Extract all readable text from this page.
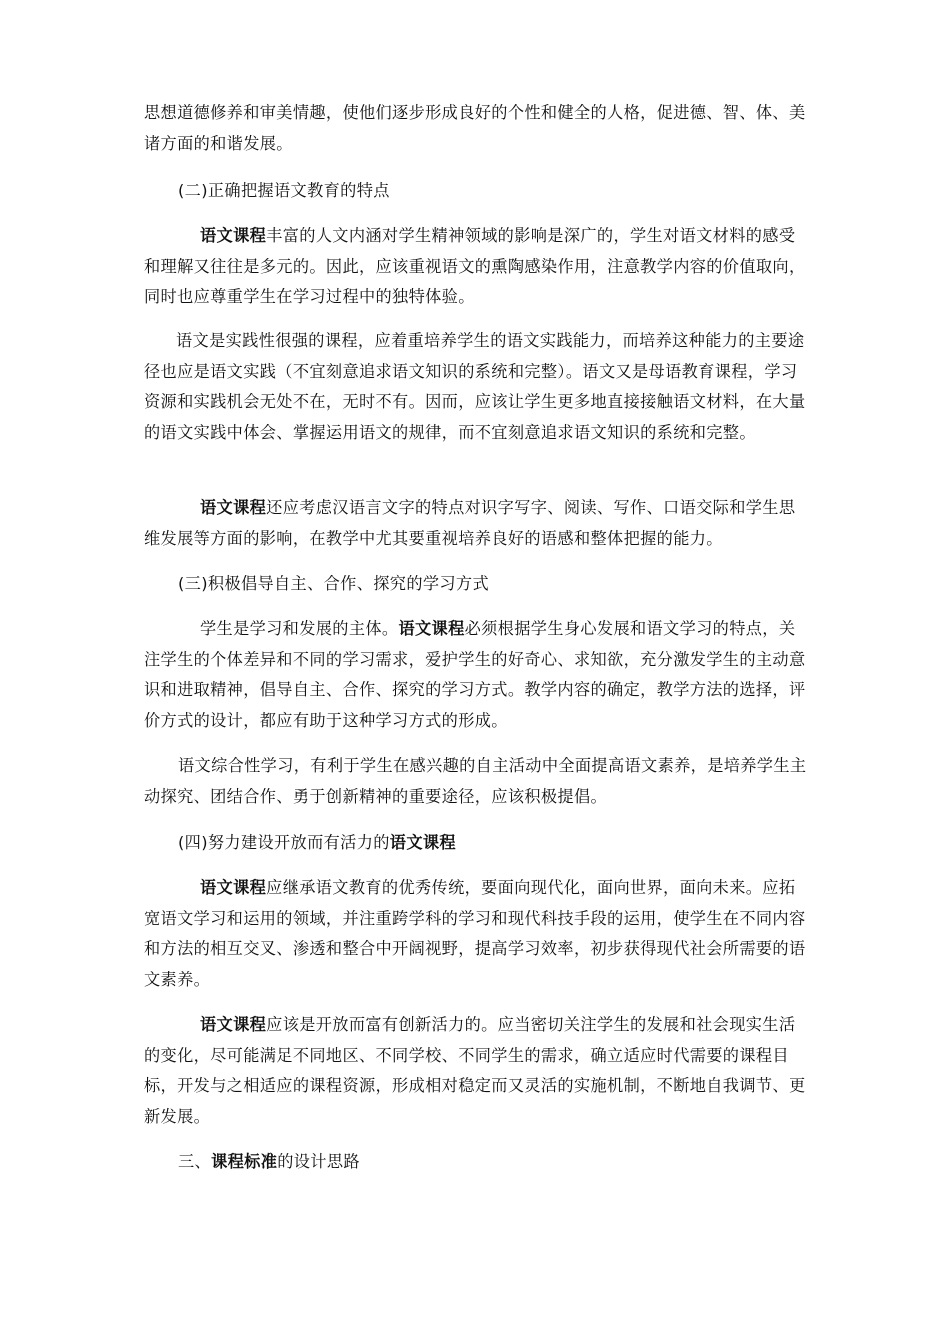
思想道德修养和审美情趣，使他们逐步形成良好的个性和健全的人格，促进德、智、体、美诸方面的和谐发展。

(二)正确把握语文教育的特点

语文课程丰富的人文内涵对学生精神领域的影响是深广的，学生对语文材料的感受和理解又往往是多元的。因此，应该重视语文的熏陶感染作用，注意教学内容的价值取向，同时也应尊重学生在学习过程中的独特体验。

语文是实践性很强的课程，应着重培养学生的语文实践能力，而培养这种能力的主要途径也应是语文实践（不宜刻意追求语文知识的系统和完整）。语文又是母语教育课程，学习资源和实践机会无处不在，无时不有。因而，应该让学生更多地直接接触语文材料，在大量的语文实践中体会、掌握运用语文的规律，而不宜刻意追求语文知识的系统和完整。

语文课程还应考虑汉语言文字的特点对识字写字、阅读、写作、口语交际和学生思维发展等方面的影响，在教学中尤其要重视培养良好的语感和整体把握的能力。

(三)积极倡导自主、合作、探究的学习方式

学生是学习和发展的主体。语文课程必须根据学生身心发展和语文学习的特点，关注学生的个体差异和不同的学习需求，爱护学生的好奇心、求知欲，充分激发学生的主动意识和进取精神，倡导自主、合作、探究的学习方式。教学内容的确定，教学方法的选择，评价方式的设计，都应有助于这种学习方式的形成。

语文综合性学习，有利于学生在感兴趣的自主活动中全面提高语文素养，是培养学生主动探究、团结合作、勇于创新精神的重要途径，应该积极提倡。

(四)努力建设开放而有活力的语文课程

语文课程应继承语文教育的优秀传统，要面向现代化，面向世界，面向未来。应拓宽语文学习和运用的领域，并注重跨学科的学习和现代科技手段的运用，使学生在不同内容和方法的相互交叉、渗透和整合中开阔视野，提高学习效率，初步获得现代社会所需要的语文素养。

语文课程应该是开放而富有创新活力的。应当密切关注学生的发展和社会现实生活的变化，尽可能满足不同地区、不同学校、不同学生的需求，确立适应时代需要的课程目标，开发与之相适应的课程资源，形成相对稳定而又灵活的实施机制，不断地自我调节、更新发展。

三、课程标准的设计思路
